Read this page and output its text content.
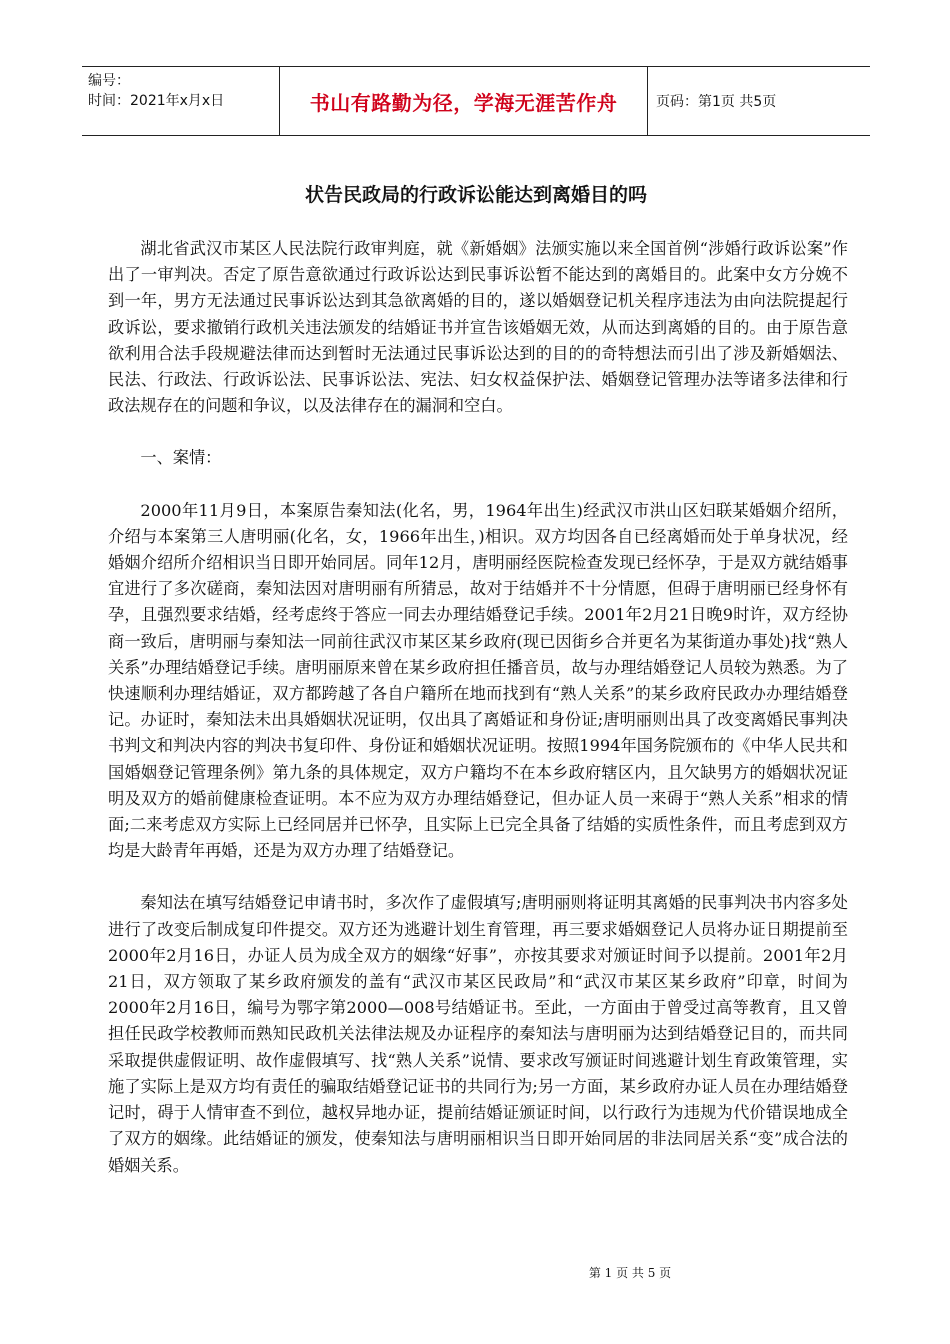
编号：
时间：2021年x月x日	书山有路勤为径，学海无涯苦作舟	页码：第1页 共5页
状告民政局的行政诉讼能达到离婚目的吗

湖北省武汉市某区人民法院行政审判庭，就《新婚姻》法颁实施以来全国首例“涉婚行政诉讼案”作出了一审判决。否定了原告意欲通过行政诉讼达到民事诉讼暂不能达到的离婚目的。此案中女方分娩不到一年，男方无法通过民事诉讼达到其急欲离婚的目的，遂以婚姻登记机关程序违法为由向法院提起行政诉讼，要求撤销行政机关违法颁发的结婚证书并宣告该婚姻无效，从而达到离婚的目的。由于原告意欲利用合法手段规避法律而达到暂时无法通过民事诉讼达到的目的的奇特想法而引出了涉及新婚姻法、民法、行政法、行政诉讼法、民事诉讼法、宪法、妇女权益保护法、婚姻登记管理办法等诸多法律和行政法规存在的问题和争议，以及法律存在的漏洞和空白。

一、案情：

2000年11月9日，本案原告秦知法(化名，男，1964年出生)经武汉市洪山区妇联某婚姻介绍所，介绍与本案第三人唐明丽(化名，女，1966年出生，)相识。双方均因各自已经离婚而处于单身状况，经婚姻介绍所介绍相识当日即开始同居。同年12月，唐明丽经医院检查发现已经怀孕，于是双方就结婚事宜进行了多次磋商，秦知法因对唐明丽有所猜忌，故对于结婚并不十分情愿，但碍于唐明丽已经身怀有孕，且强烈要求结婚，经考虑终于答应一同去办理结婚登记手续。2001年2月21日晚9时许，双方经协商一致后，唐明丽与秦知法一同前往武汉市某区某乡政府(现已因街乡合并更名为某街道办事处)找“熟人关系”办理结婚登记手续。唐明丽原来曾在某乡政府担任播音员，故与办理结婚登记人员较为熟悉。为了快速顺利办理结婚证，双方都跨越了各自户籍所在地而找到有“熟人关系”的某乡政府民政办办理结婚登记。办证时，秦知法未出具婚姻状况证明，仅出具了离婚证和身份证;唐明丽则出具了改变离婚民事判决书判文和判决内容的判决书复印件、身份证和婚姻状况证明。按照1994年国务院颁布的《中华人民共和国婚姻登记管理条例》第九条的具体规定，双方户籍均不在本乡政府辖区内，且欠缺男方的婚姻状况证明及双方的婚前健康检查证明。本不应为双方办理结婚登记，但办证人员一来碍于“熟人关系”相求的情面;二来考虑双方实际上已经同居并已怀孕，且实际上已完全具备了结婚的实质性条件，而且考虑到双方均是大龄青年再婚，还是为双方办理了结婚登记。

秦知法在填写结婚登记申请书时，多次作了虚假填写;唐明丽则将证明其离婚的民事判决书内容多处进行了改变后制成复印件提交。双方还为逃避计划生育管理，再三要求婚姻登记人员将办证日期提前至2000年2月16日，办证人员为成全双方的姻缘“好事”，亦按其要求对颁证时间予以提前。2001年2月21日，双方领取了某乡政府颁发的盖有“武汉市某区民政局”和“武汉市某区某乡政府”印章，时间为2000年2月16日，编号为鄂字第2000—008号结婚证书。至此，一方面由于曾受过高等教育，且又曾担任民政学校教师而熟知民政机关法律法规及办证程序的秦知法与唐明丽为达到结婚登记目的，而共同采取提供虚假证明、故作虚假填写、找“熟人关系”说情、要求改写颁证时间逃避计划生育政策管理，实施了实际上是双方均有责任的骗取结婚登记证书的共同行为;另一方面，某乡政府办证人员在办理结婚登记时，碍于人情审查不到位，越权异地办证，提前结婚证颁证时间，以行政行为违规为代价错误地成全了双方的姻缘。此结婚证的颁发，使秦知法与唐明丽相识当日即开始同居的非法同居关系“变”成合法的婚姻关系。

第 1 页 共 5 页
